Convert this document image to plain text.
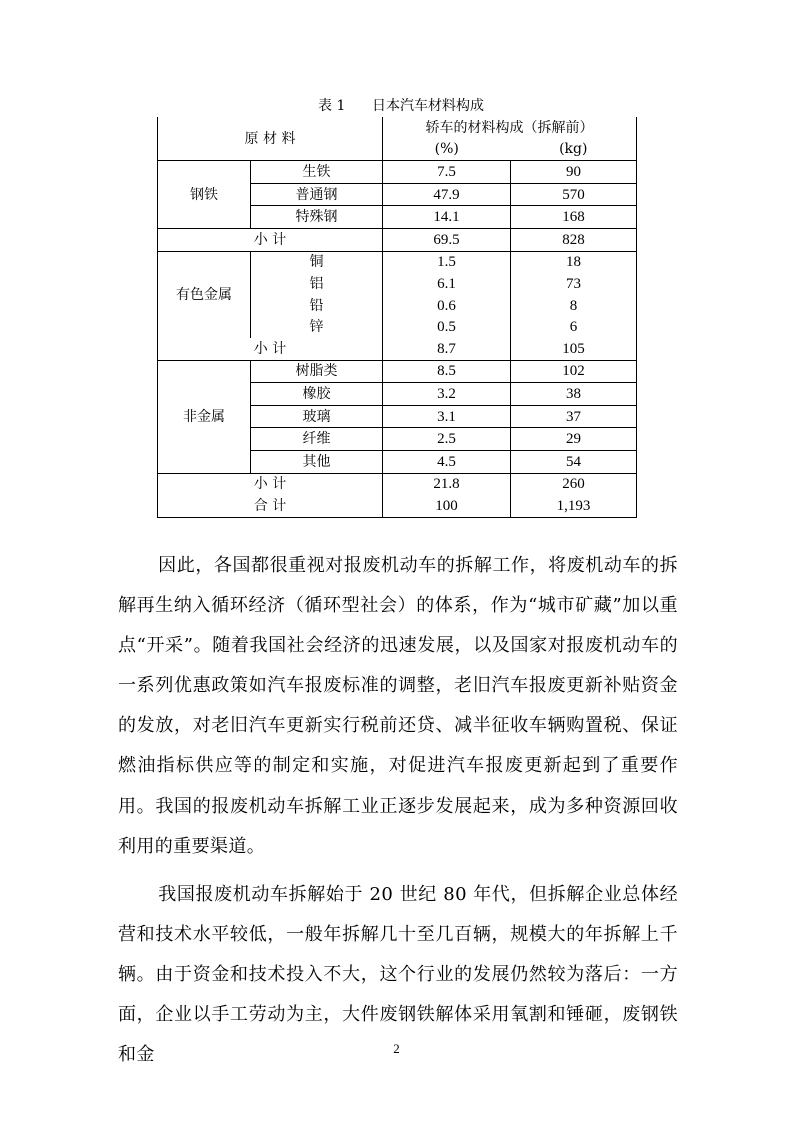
表 1      日本汽车材料构成
原 材 料		轿车的材料构成（拆解前）	
		(%)	(kg)
钢铁	生铁	7.5	90
	普通钢	47.9	570
	特殊钢	14.1	168
小 计		69.5	828
有色金属	铜	1.5	18
	铝	6.1	73
	铅	0.6	8
	锌	0.5	6
小 计		8.7	105
非金属	树脂类	8.5	102
	橡胶	3.2	38
	玻璃	3.1	37
	纤维	2.5	29
	其他	4.5	54
小 计		21.8	260
合 计		100	1,193

因此，各国都很重视对报废机动车的拆解工作，将废机动车的拆解再生纳入循环经济（循环型社会）的体系，作为“城市矿藏”加以重点“开采”。随着我国社会经济的迅速发展，以及国家对报废机动车的一系列优惠政策如汽车报废标准的调整，老旧汽车报废更新补贴资金的发放，对老旧汽车更新实行税前还贷、减半征收车辆购置税、保证燃油指标供应等的制定和实施，对促进汽车报废更新起到了重要作用。我国的报废机动车拆解工业正逐步发展起来，成为多种资源回收利用的重要渠道。

我国报废机动车拆解始于 20 世纪 80 年代，但拆解企业总体经营和技术水平较低，一般年拆解几十至几百辆，规模大的年拆解上千辆。由于资金和技术投入不大，这个行业的发展仍然较为落后：一方面，企业以手工劳动为主，大件废钢铁解体采用氧割和锤砸，废钢铁和金	2
